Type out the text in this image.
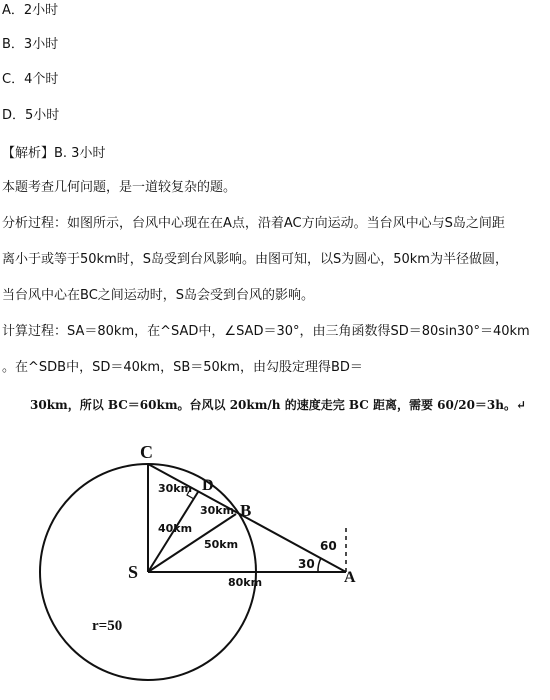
A．2小时
B．3小时
C．4个时
D．5小时
【解析】B. 3小时
本题考查几何问题，是一道较复杂的题。
分析过程：如图所示，台风中心现在在A点，沿着AC方向运动。当台风中心与S岛之间距
离小于或等于50km时，S岛受到台风影响。由图可知，以S为圆心，50km为半径做圆，
当台风中心在BC之间运动时，S岛会受到台风的影响。
计算过程：SA＝80km，在^SAD中，∠SAD＝30°，由三角函数得SD＝80sin30°＝40km
。在^SDB中，SD＝40km，SB＝50km，由勾股定理得BD＝
30km，所以 BC＝60km。台风以 20km/h 的速度走完 BC 距离，需要 60/20＝3h。↵
C
D
B
S	A
30km
30km
40km
50km
80km
30
60
r=50
